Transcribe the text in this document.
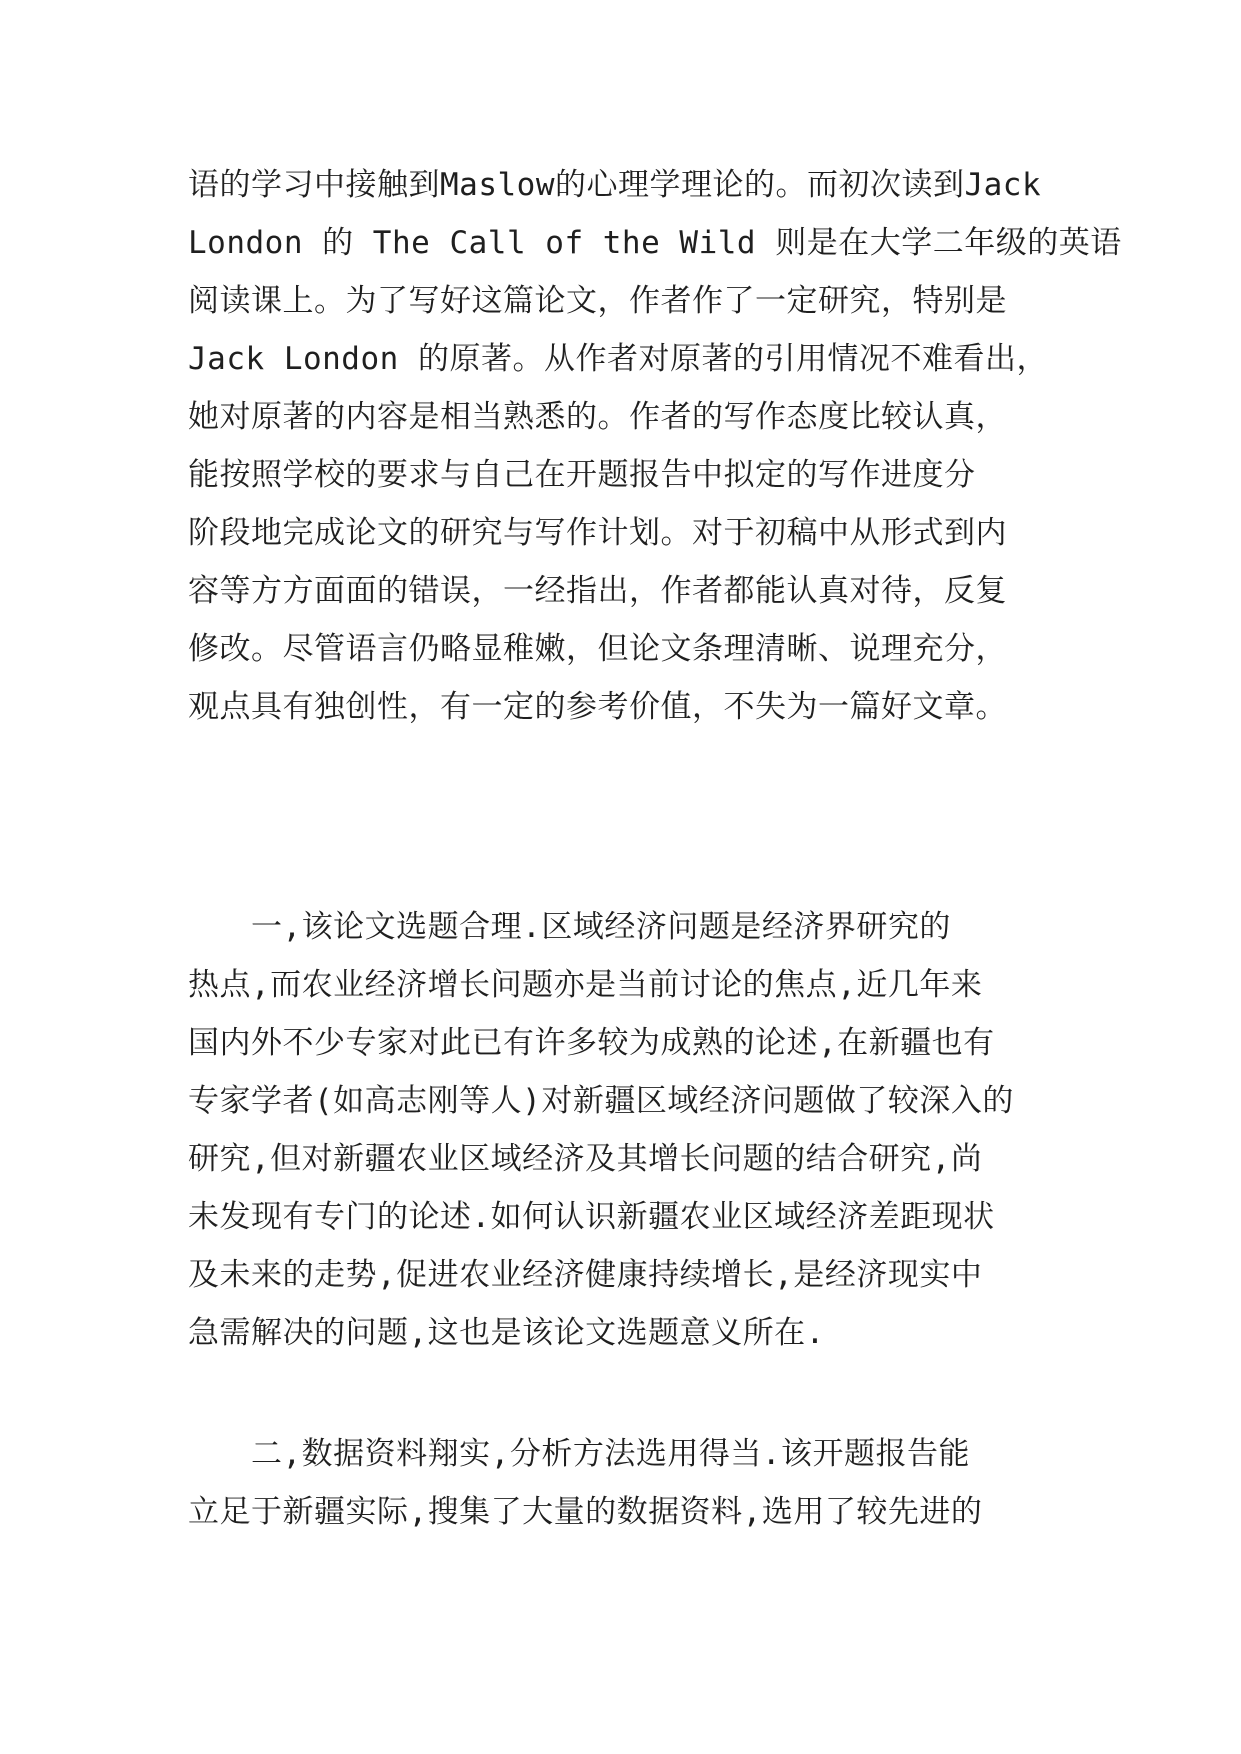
语的学习中接触到Maslow的心理学理论的。而初次读到Jack
London 的 The Call of the Wild 则是在大学二年级的英语
阅读课上。为了写好这篇论文，作者作了一定研究，特别是
Jack London 的原著。从作者对原著的引用情况不难看出，
她对原著的内容是相当熟悉的。作者的写作态度比较认真，
能按照学校的要求与自己在开题报告中拟定的写作进度分
阶段地完成论文的研究与写作计划。对于初稿中从形式到内
容等方方面面的错误，一经指出，作者都能认真对待，反复
修改。尽管语言仍略显稚嫩，但论文条理清晰、说理充分，
观点具有独创性，有一定的参考价值，不失为一篇好文章。

　　一,该论文选题合理.区域经济问题是经济界研究的
热点,而农业经济增长问题亦是当前讨论的焦点,近几年来
国内外不少专家对此已有许多较为成熟的论述,在新疆也有
专家学者(如高志刚等人)对新疆区域经济问题做了较深入的
研究,但对新疆农业区域经济及其增长问题的结合研究,尚
未发现有专门的论述.如何认识新疆农业区域经济差距现状
及未来的走势,促进农业经济健康持续增长,是经济现实中
急需解决的问题,这也是该论文选题意义所在.

　　二,数据资料翔实,分析方法选用得当.该开题报告能
立足于新疆实际,搜集了大量的数据资料,选用了较先进的
